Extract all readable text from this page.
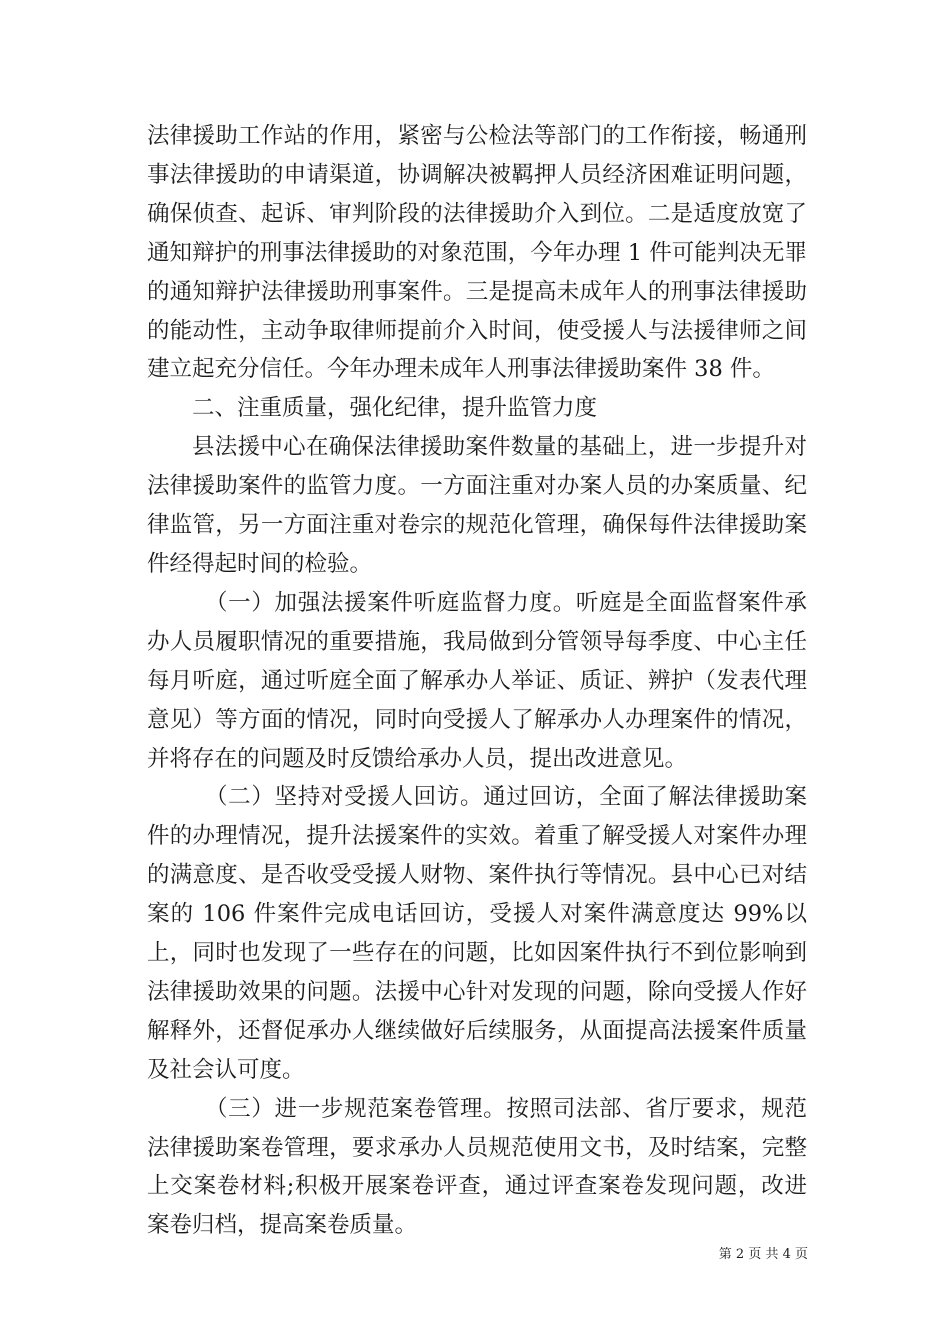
法律援助工作站的作用，紧密与公检法等部门的工作衔接，畅通刑事法律援助的申请渠道，协调解决被羁押人员经济困难证明问题，确保侦查、起诉、审判阶段的法律援助介入到位。二是适度放宽了通知辩护的刑事法律援助的对象范围，今年办理 1 件可能判决无罪的通知辩护法律援助刑事案件。三是提高未成年人的刑事法律援助的能动性，主动争取律师提前介入时间，使受援人与法援律师之间建立起充分信任。今年办理未成年人刑事法律援助案件 38 件。

二、注重质量，强化纪律，提升监管力度

县法援中心在确保法律援助案件数量的基础上，进一步提升对法律援助案件的监管力度。一方面注重对办案人员的办案质量、纪律监管，另一方面注重对卷宗的规范化管理，确保每件法律援助案件经得起时间的检验。

（一）加强法援案件听庭监督力度。听庭是全面监督案件承办人员履职情况的重要措施，我局做到分管领导每季度、中心主任每月听庭，通过听庭全面了解承办人举证、质证、辨护（发表代理意见）等方面的情况，同时向受援人了解承办人办理案件的情况，并将存在的问题及时反馈给承办人员，提出改进意见。

（二）坚持对受援人回访。通过回访，全面了解法律援助案件的办理情况，提升法援案件的实效。着重了解受援人对案件办理的满意度、是否收受受援人财物、案件执行等情况。县中心已对结案的 106 件案件完成电话回访，受援人对案件满意度达 99%以上，同时也发现了一些存在的问题，比如因案件执行不到位影响到法律援助效果的问题。法援中心针对发现的问题，除向受援人作好解释外，还督促承办人继续做好后续服务，从面提高法援案件质量及社会认可度。

（三）进一步规范案卷管理。按照司法部、省厅要求，规范法律援助案卷管理，要求承办人员规范使用文书，及时结案，完整上交案卷材料;积极开展案卷评查，通过评查案卷发现问题，改进案卷归档，提高案卷质量。

第 2 页 共 4 页
